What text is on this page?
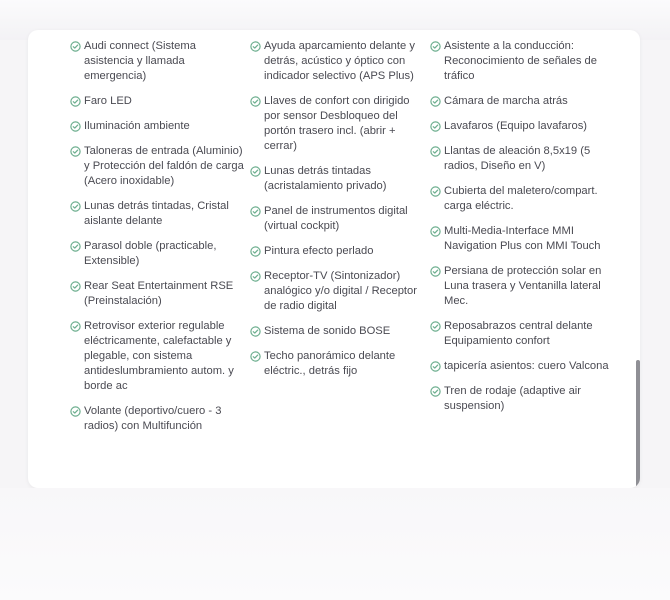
Audi connect (Sistema asistencia y llamada emergencia)
Faro LED
Iluminación ambiente
Taloneras de entrada (Aluminio) y Protección del faldón de carga (Acero inoxidable)
Lunas detrás tintadas, Cristal aislante delante
Parasol doble (practicable, Extensible)
Rear Seat Entertainment RSE (Preinstalación)
Retrovisor exterior regulable eléctricamente, calefactable y plegable, con sistema antideslumbramiento autom. y borde ac
Volante (deportivo/cuero - 3 radios) con Multifunción
Ayuda aparcamiento delante y detrás, acústico y óptico con indicador selectivo (APS Plus)
Llaves de confort con dirigido por sensor Desbloqueo del portón trasero incl. (abrir + cerrar)
Lunas detrás tintadas (acristalamiento privado)
Panel de instrumentos digital (virtual cockpit)
Pintura efecto perlado
Receptor-TV (Sintonizador) analógico y/o digital / Receptor de radio digital
Sistema de sonido BOSE
Techo panorámico delante eléctric., detrás fijo
Asistente a la conducción: Reconocimiento de señales de tráfico
Cámara de marcha atrás
Lavafaros (Equipo lavafaros)
Llantas de aleación 8,5x19 (5 radios, Diseño en V)
Cubierta del maletero/compart. carga eléctric.
Multi-Media-Interface MMI Navigation Plus con MMI Touch
Persiana de protección solar en Luna trasera y Ventanilla lateral Mec.
Reposabrazos central delante Equipamiento confort
tapicería asientos: cuero Valcona
Tren de rodaje (adaptive air suspension)
